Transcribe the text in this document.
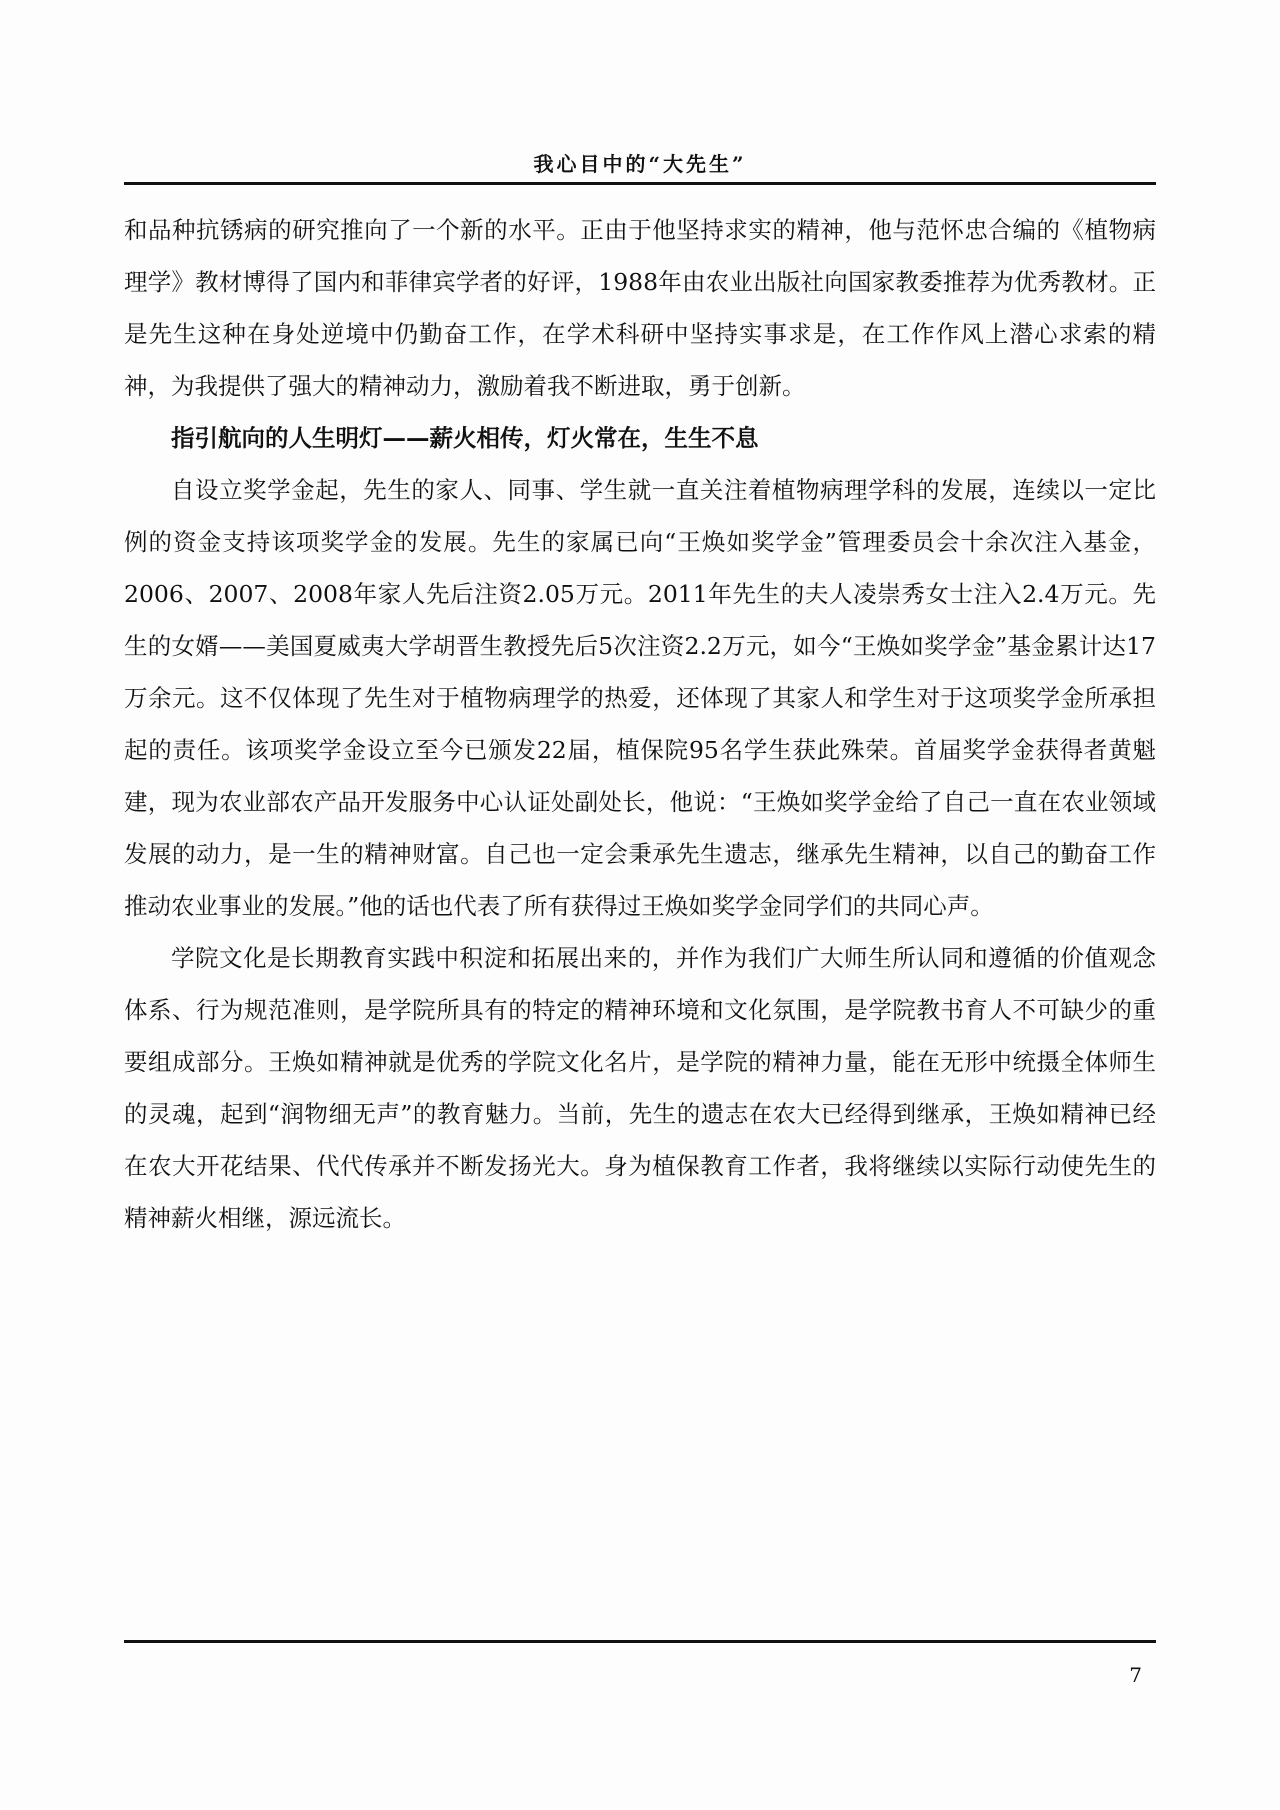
我心目中的“大先生”

和品种抗锈病的研究推向了一个新的水平。正由于他坚持求实的精神，他与范怀忠合编的《植物病理学》教材博得了国内和菲律宾学者的好评，1988年由农业出版社向国家教委推荐为优秀教材。正是先生这种在身处逆境中仍勤奋工作，在学术科研中坚持实事求是，在工作作风上潜心求索的精神，为我提供了强大的精神动力，激励着我不断进取，勇于创新。

指引航向的人生明灯——薪火相传，灯火常在，生生不息

自设立奖学金起，先生的家人、同事、学生就一直关注着植物病理学科的发展，连续以一定比例的资金支持该项奖学金的发展。先生的家属已向“王焕如奖学金”管理委员会十余次注入基金，2006、2007、2008年家人先后注资2.05万元。2011年先生的夫人凌崇秀女士注入2.4万元。先生的女婿——美国夏威夷大学胡晋生教授先后5次注资2.2万元，如今“王焕如奖学金”基金累计达17万余元。这不仅体现了先生对于植物病理学的热爱，还体现了其家人和学生对于这项奖学金所承担起的责任。该项奖学金设立至今已颁发22届，植保院95名学生获此殊荣。首届奖学金获得者黄魁建，现为农业部农产品开发服务中心认证处副处长，他说：“王焕如奖学金给了自己一直在农业领域发展的动力，是一生的精神财富。自己也一定会秉承先生遗志，继承先生精神，以自己的勤奋工作推动农业事业的发展。”他的话也代表了所有获得过王焕如奖学金同学们的共同心声。

学院文化是长期教育实践中积淀和拓展出来的，并作为我们广大师生所认同和遵循的价值观念体系、行为规范准则，是学院所具有的特定的精神环境和文化氛围，是学院教书育人不可缺少的重要组成部分。王焕如精神就是优秀的学院文化名片，是学院的精神力量，能在无形中统摄全体师生的灵魂，起到“润物细无声”的教育魅力。当前，先生的遗志在农大已经得到继承，王焕如精神已经在农大开花结果、代代传承并不断发扬光大。身为植保教育工作者，我将继续以实际行动使先生的精神薪火相继，源远流长。

7
